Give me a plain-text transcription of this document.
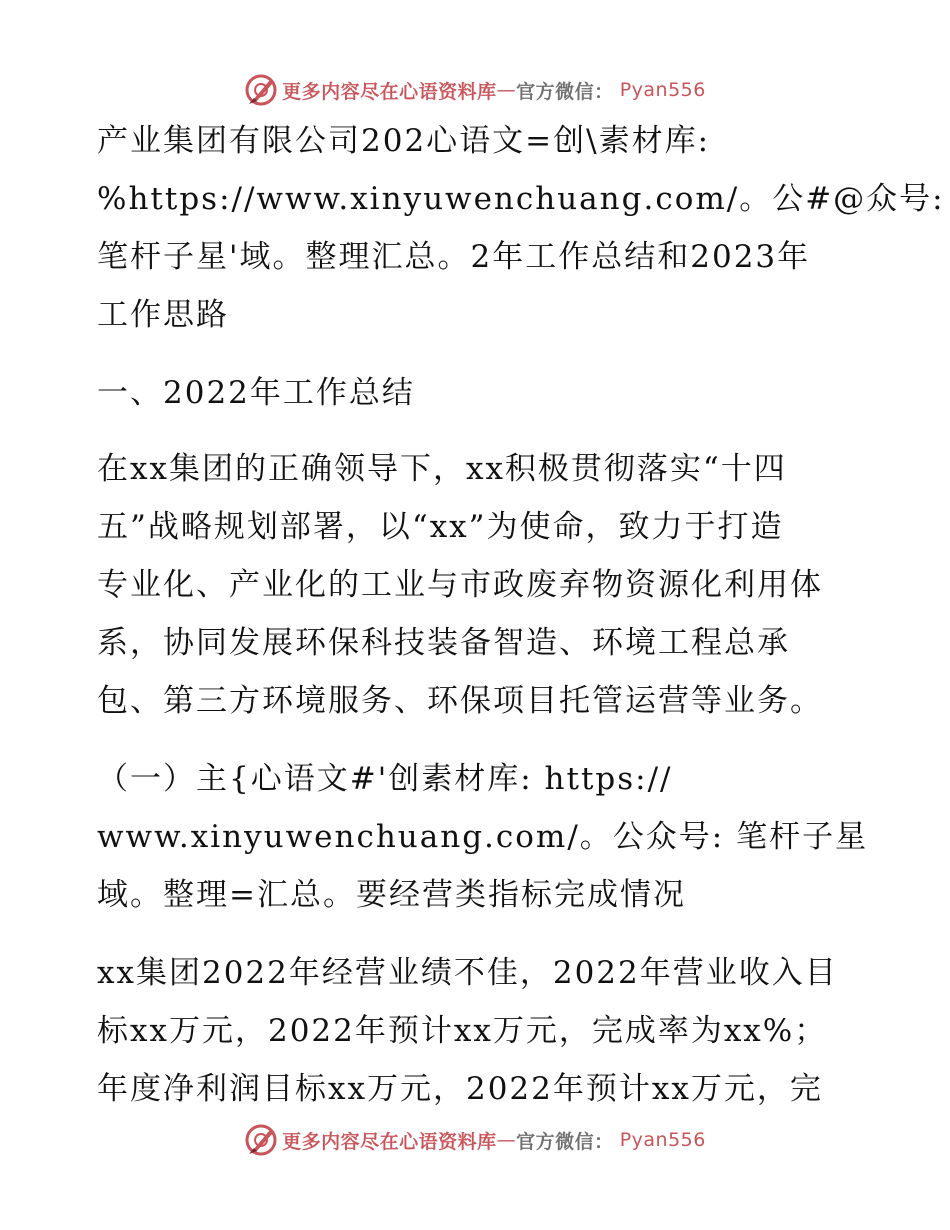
更多内容尽在心语资料库 — 官方微信： Pyan556

产业集团有限公司202心语文=创\素材库:
%https://www.xinyuwenchuang.com/。公#@众号:
笔杆子星'域。整理汇总。2年工作总结和2023年
工作思路

一、2022年工作总结

在xx集团的正确领导下，xx积极贯彻落实“十四
五”战略规划部署，以“xx”为使命，致力于打造
专业化、产业化的工业与市政废弃物资源化利用体
系，协同发展环保科技装备智造、环境工程总承
包、第三方环境服务、环保项目托管运营等业务。

（一）主{心语文#'创素材库: https://
www.xinyuwenchuang.com/。公众号: 笔杆子星
域。整理=汇总。要经营类指标完成情况

xx集团2022年经营业绩不佳，2022年营业收入目
标xx万元，2022年预计xx万元，完成率为xx%；
年度净利润目标xx万元，2022年预计xx万元，完

更多内容尽在心语资料库 — 官方微信： Pyan556
